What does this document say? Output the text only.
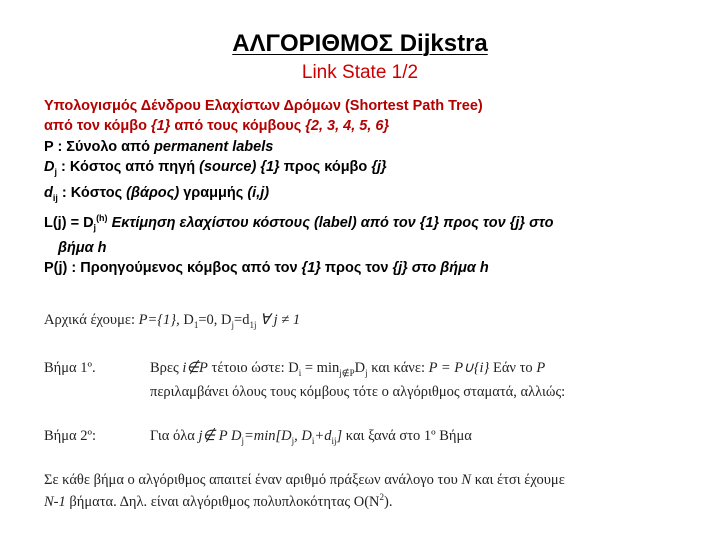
ΑΛΓΟΡΙΘΜΟΣ Dijkstra
Link State 1/2
Υπολογισμός Δένδρου Ελαχίστων Δρόμων (Shortest Path Tree)
από τον κόμβο {1} από τους κόμβους {2, 3, 4, 5, 6}
P : Σύνολο από permanent labels
$D_j$ : Κόστος από πηγή (source) {1} προς κόμβο {j}
$d_{ij}$ : Κόστος (βάρος) γραμμής (i,j)
$L(j) = D_j^{(h)}$ Εκτίμηση ελαχίστου κόστους (label) από τον {1} προς τον {j} στο
βήμα h
P(j) : Προηγούμενος κόμβος από τον {1} προς τον {j} στο βήμα h
Αρχικά έχουμε: P={1}, $D_1=0$, $D_j=d_{1j}$ ∀ j ≠ 1
Βήμα 1º.	Βρες i∉P τέτοιο ώστε: $D_i = \min_{j\notin P}D_j$ και κάνε: P = P∪{i} Εάν το P
περιλαμβάνει όλους τους κόμβους τότε ο αλγόριθμος σταματά, αλλιώς:
Βήμα 2º:	Για όλα j∉ P $D_j=\min[D_j$, $D_i+d_{ij}$] και ξανά στο 1º Βήμα
Σε κάθε βήμα ο αλγόριθμος απαιτεί έναν αριθμό πράξεων ανάλογο του N και έτσι έχουμε
N-1 βήματα. Δηλ. είναι αλγόριθμος πολυπλοκότητας $O(N^2)$.
